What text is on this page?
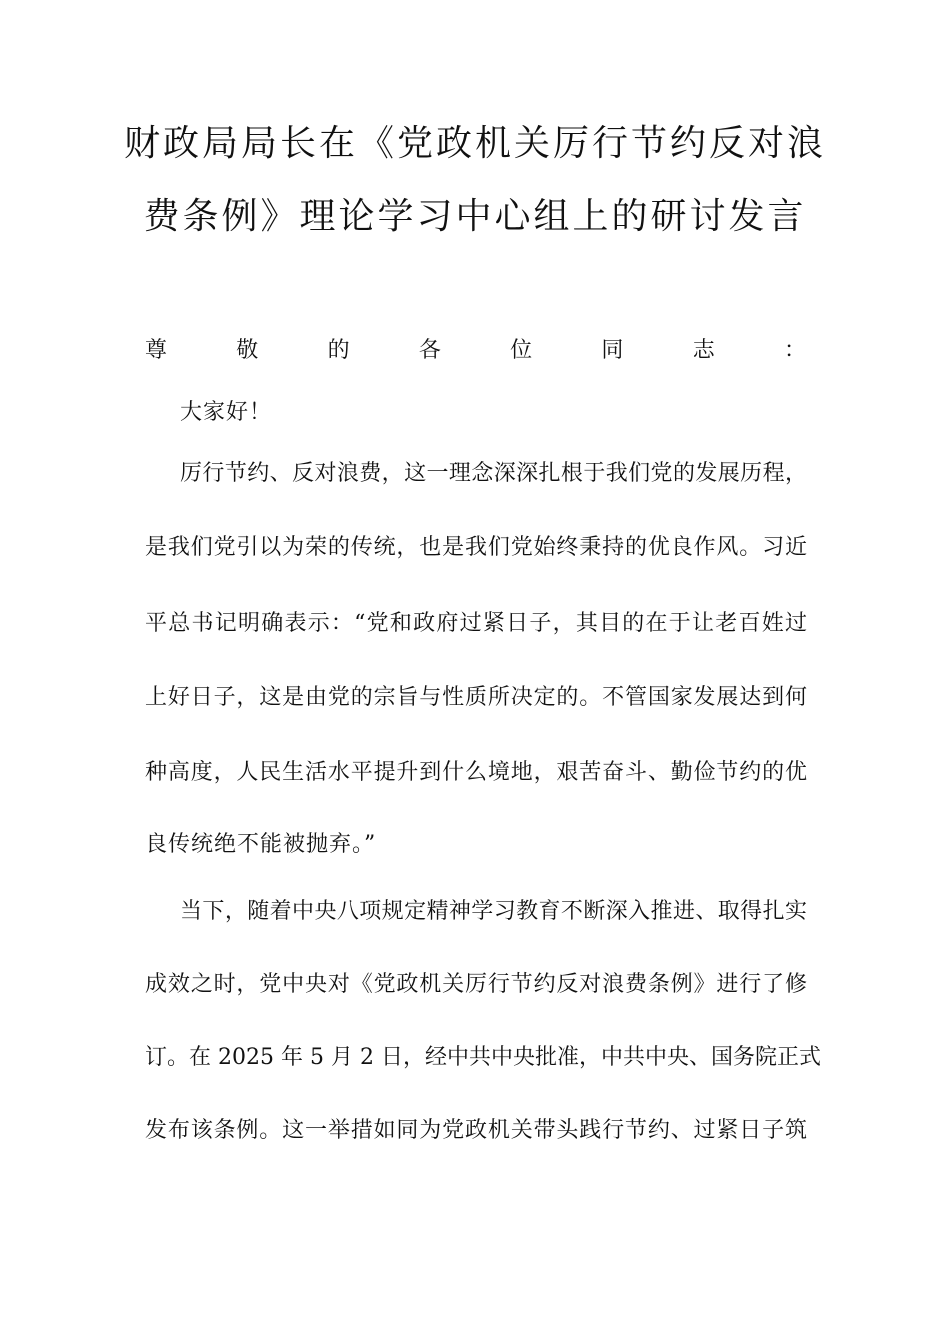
财政局局长在《党政机关厉行节约反对浪
费条例》理论学习中心组上的研讨发言
尊敬的各位同志：
大家好！
厉行节约、反对浪费，这一理念深深扎根于我们党的发展历程，
是我们党引以为荣的传统，也是我们党始终秉持的优良作风。习近
平总书记明确表示：“党和政府过紧日子，其目的在于让老百姓过
上好日子，这是由党的宗旨与性质所决定的。不管国家发展达到何
种高度，人民生活水平提升到什么境地，艰苦奋斗、勤俭节约的优
良传统绝不能被抛弃。”
当下，随着中央八项规定精神学习教育不断深入推进、取得扎实
成效之时，党中央对《党政机关厉行节约反对浪费条例》进行了修
订。在 2025 年 5 月 2 日，经中共中央批准，中共中央、国务院正式
发布该条例。这一举措如同为党政机关带头践行节约、过紧日子筑
